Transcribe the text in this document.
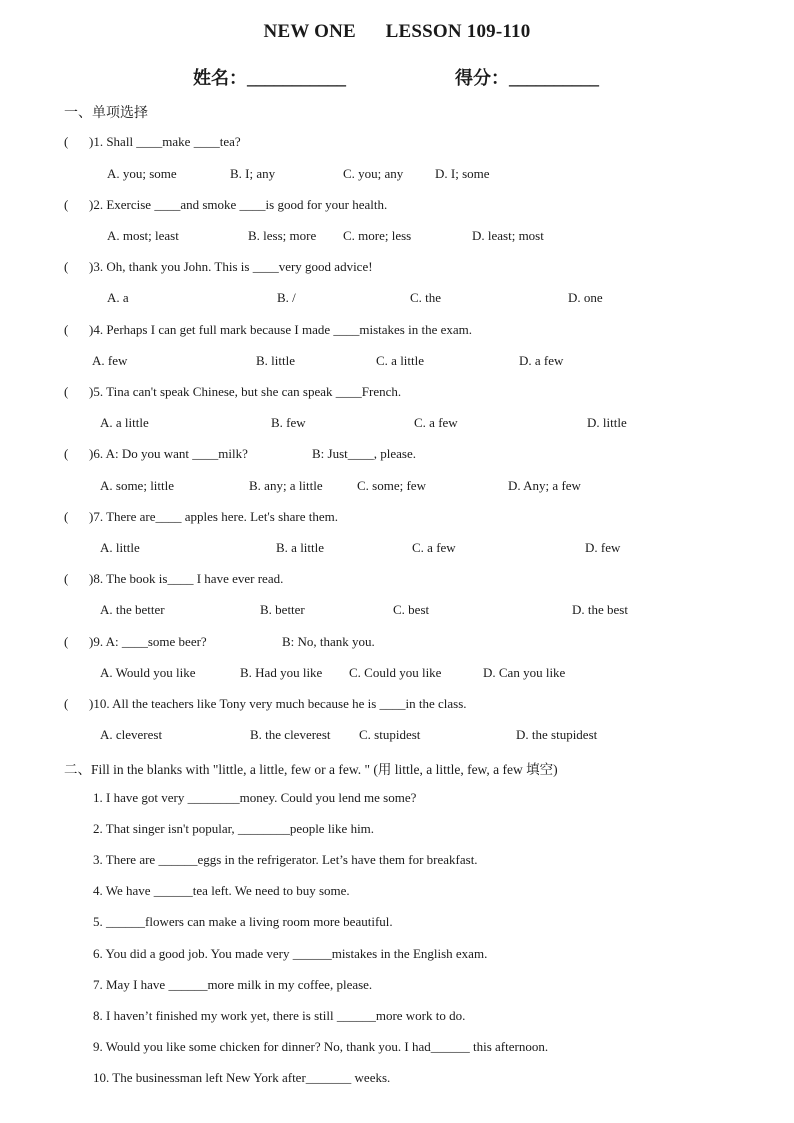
NEW ONE      LESSON 109-110
姓名：___________	得分：__________
一、单项选择
( )1. Shall ____make ____tea?
A. you; some	B. I; any	C. you; any D. I; some
( )2. Exercise ____and smoke ____is good for your health.
A. most; least	B. less; more C. more; less	D. least; most
( )3. Oh, thank you John. This is ____very good advice!
A. a	B. /	C. the	D. one
( )4. Perhaps I can get full mark because I made ____mistakes in the exam.
A. few	B. little	C. a little	D. a few
( )5. Tina can't speak Chinese, but she can speak ____French.
A. a little	B. few	C. a few	D. little
( )6. A: Do you want ____milk?	B: Just____, please.
A. some; little	B. any; a little	C. some; few	D. Any; a few
( )7. There are____ apples here. Let's share them.
A. little	B. a little	C. a few	D. few
( )8. The book is____ I have ever read.
A. the better	B. better	C. best	D. the best
( )9. A: ____some beer?	B: No, thank you.
A. Would you like	B. Had you like C. Could you like	D. Can you like
( )10. All the teachers like Tony very much because he is ____in the class.
A. cleverest	B. the cleverest C. stupidest	D. the stupidest
二、Fill in the blanks with "little, a little, few or a few. " (用 little, a little, few, a few 填空)
1. I have got very ________money. Could you lend me some?
2. That singer isn't popular, ________people like him.
3. There are ______eggs in the refrigerator. Let’s have them for breakfast.
4. We have ______tea left. We need to buy some.
5. ______flowers can make a living room more beautiful.
6. You did a good job. You made very ______mistakes in the English exam.
7. May I have ______more milk in my coffee, please.
8. I haven’t finished my work yet, there is still ______more work to do.
9. Would you like some chicken for dinner? No, thank you. I had______ this afternoon.
10. The businessman left New York after_______ weeks.
